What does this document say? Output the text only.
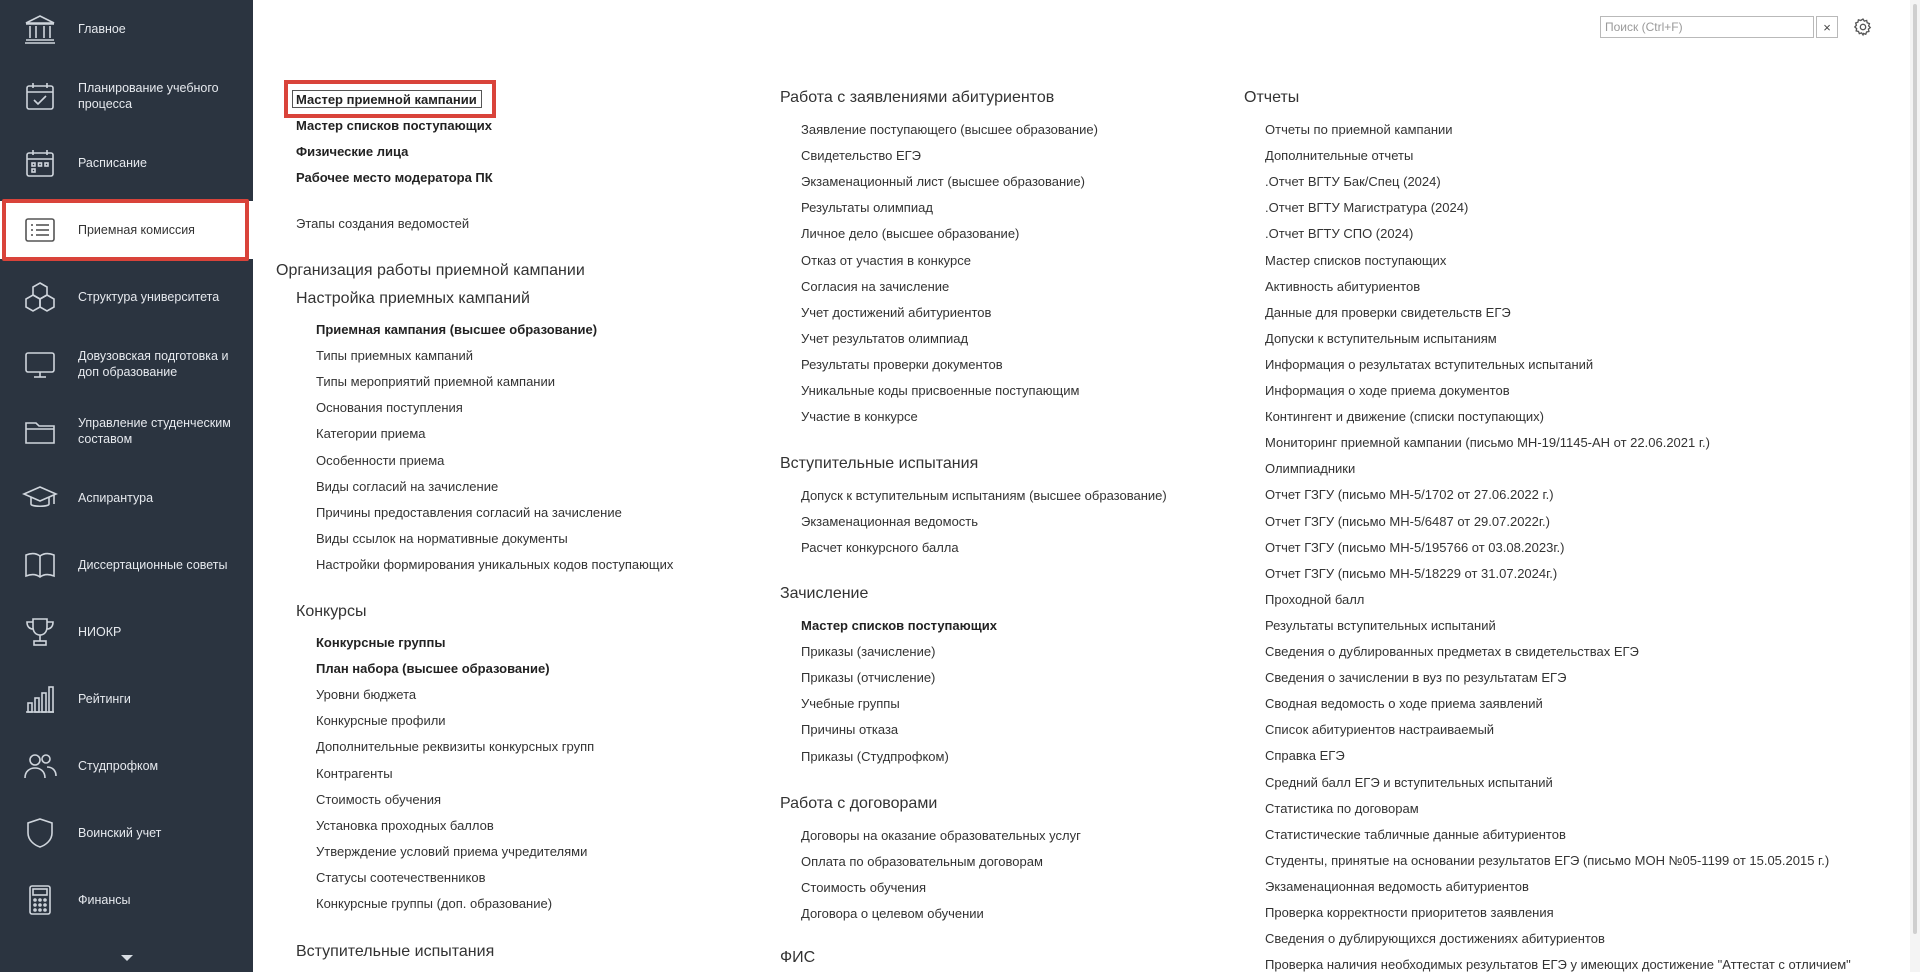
Главное
Планирование учебного процесса
Расписание
Приемная комиссия
Структура университета
Довузовская подготовка и доп образование
Управление студенческим составом
Аспирантура
Диссертационные советы
НИОКР
Рейтинги
Студпрофком
Воинский учет
Финансы
Поиск (Ctrl+F)
×
Мастер приемной кампании
Мастер списков поступающих
Физические лица
Рабочее место модератора ПК
Этапы создания ведомостей
Организация работы приемной кампании
Настройка приемных кампаний
Приемная кампания (высшее образование)
Типы приемных кампаний
Типы мероприятий приемной кампании
Основания поступления
Категории приема
Особенности приема
Виды согласий на зачисление
Причины предоставления согласий на зачисление
Виды ссылок на нормативные документы
Настройки формирования уникальных кодов поступающих
Конкурсы
Конкурсные группы
План набора (высшее образование)
Уровни бюджета
Конкурсные профили
Дополнительные реквизиты конкурсных групп
Контрагенты
Стоимость обучения
Установка проходных баллов
Утверждение условий приема учредителями
Статусы соотечественников
Конкурсные группы (доп. образование)
Вступительные испытания
Работа с заявлениями абитуриентов
Заявление поступающего (высшее образование)
Свидетельство ЕГЭ
Экзаменационный лист (высшее образование)
Результаты олимпиад
Личное дело (высшее образование)
Отказ от участия в конкурсе
Согласия на зачисление
Учет достижений абитуриентов
Учет результатов олимпиад
Результаты проверки документов
Уникальные коды присвоенные поступающим
Участие в конкурсе
Вступительные испытания
Допуск к вступительным испытаниям (высшее образование)
Экзаменационная ведомость
Расчет конкурсного балла
Зачисление
Мастер списков поступающих
Приказы (зачисление)
Приказы (отчисление)
Учебные группы
Причины отказа
Приказы (Студпрофком)
Работа с договорами
Договоры на оказание образовательных услуг
Оплата по образовательным договорам
Стоимость обучения
Договора о целевом обучении
ФИС
Отчеты
Отчеты по приемной кампании
Дополнительные отчеты
.Отчет ВГТУ Бак/Спец (2024)
.Отчет ВГТУ Магистратура (2024)
.Отчет ВГТУ СПО (2024)
Мастер списков поступающих
Активность абитуриентов
Данные для проверки свидетельств ЕГЭ
Допуски к вступительным испытаниям
Информация о результатах вступительных испытаний
Информация о ходе приема документов
Контингент и движение (списки поступающих)
Мониторинг приемной кампании (письмо МН-19/1145-АН от 22.06.2021 г.)
Олимпиадники
Отчет ГЗГУ (письмо МН-5/1702 от 27.06.2022 г.)
Отчет ГЗГУ (письмо МН-5/6487 от 29.07.2022г.)
Отчет ГЗГУ (письмо МН-5/195766 от 03.08.2023г.)
Отчет ГЗГУ (письмо МН-5/18229 от 31.07.2024г.)
Проходной балл
Результаты вступительных испытаний
Сведения о дублированных предметах в свидетельствах ЕГЭ
Сведения о зачислении в вуз по результатам ЕГЭ
Сводная ведомость о ходе приема заявлений
Список абитуриентов настраиваемый
Справка ЕГЭ
Средний балл ЕГЭ и вступительных испытаний
Статистика по договорам
Статистические табличные данные абитуриентов
Студенты, принятые на основании результатов ЕГЭ (письмо МОН №05-1199 от 15.05.2015 г.)
Экзаменационная ведомость абитуриентов
Проверка корректности приоритетов заявления
Сведения о дублирующихся достижениях абитуриентов
Проверка наличия необходимых результатов ЕГЭ у имеющих достижение "Аттестат с отличием"
